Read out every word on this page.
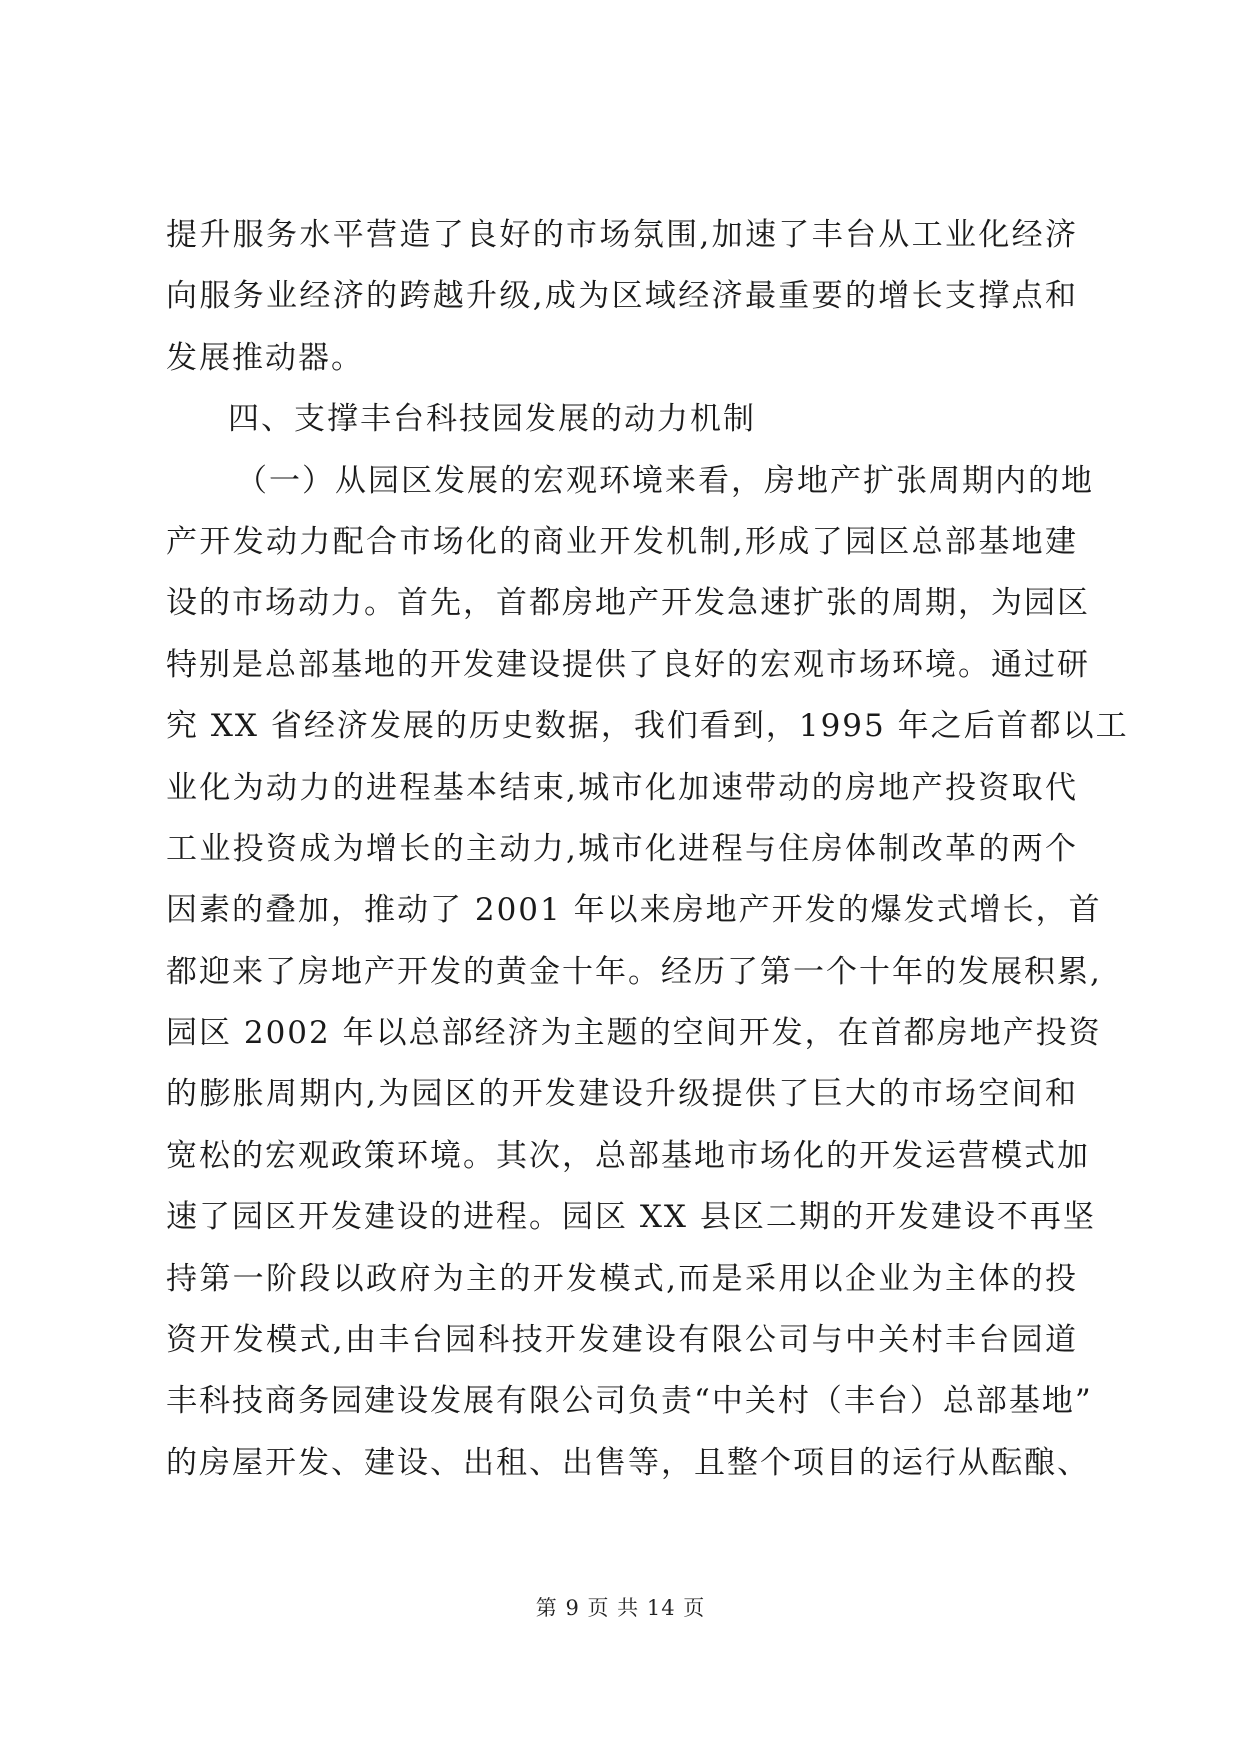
提升服务水平营造了良好的市场氛围,加速了丰台从工业化经济
向服务业经济的跨越升级,成为区域经济最重要的增长支撑点和
发展推动器。
四、支撑丰台科技园发展的动力机制
（一）从园区发展的宏观环境来看，房地产扩张周期内的地
产开发动力配合市场化的商业开发机制,形成了园区总部基地建
设的市场动力。首先，首都房地产开发急速扩张的周期，为园区
特别是总部基地的开发建设提供了良好的宏观市场环境。通过研
究 XX 省经济发展的历史数据，我们看到，1995 年之后首都以工
业化为动力的进程基本结束,城市化加速带动的房地产投资取代
工业投资成为增长的主动力,城市化进程与住房体制改革的两个
因素的叠加，推动了 2001 年以来房地产开发的爆发式增长，首
都迎来了房地产开发的黄金十年。经历了第一个十年的发展积累,
园区 2002 年以总部经济为主题的空间开发，在首都房地产投资
的膨胀周期内,为园区的开发建设升级提供了巨大的市场空间和
宽松的宏观政策环境。其次，总部基地市场化的开发运营模式加
速了园区开发建设的进程。园区 XX 县区二期的开发建设不再坚
持第一阶段以政府为主的开发模式,而是采用以企业为主体的投
资开发模式,由丰台园科技开发建设有限公司与中关村丰台园道
丰科技商务园建设发展有限公司负责“中关村（丰台）总部基地”
的房屋开发、建设、出租、出售等，且整个项目的运行从酝酿、
第 9 页 共 14 页
